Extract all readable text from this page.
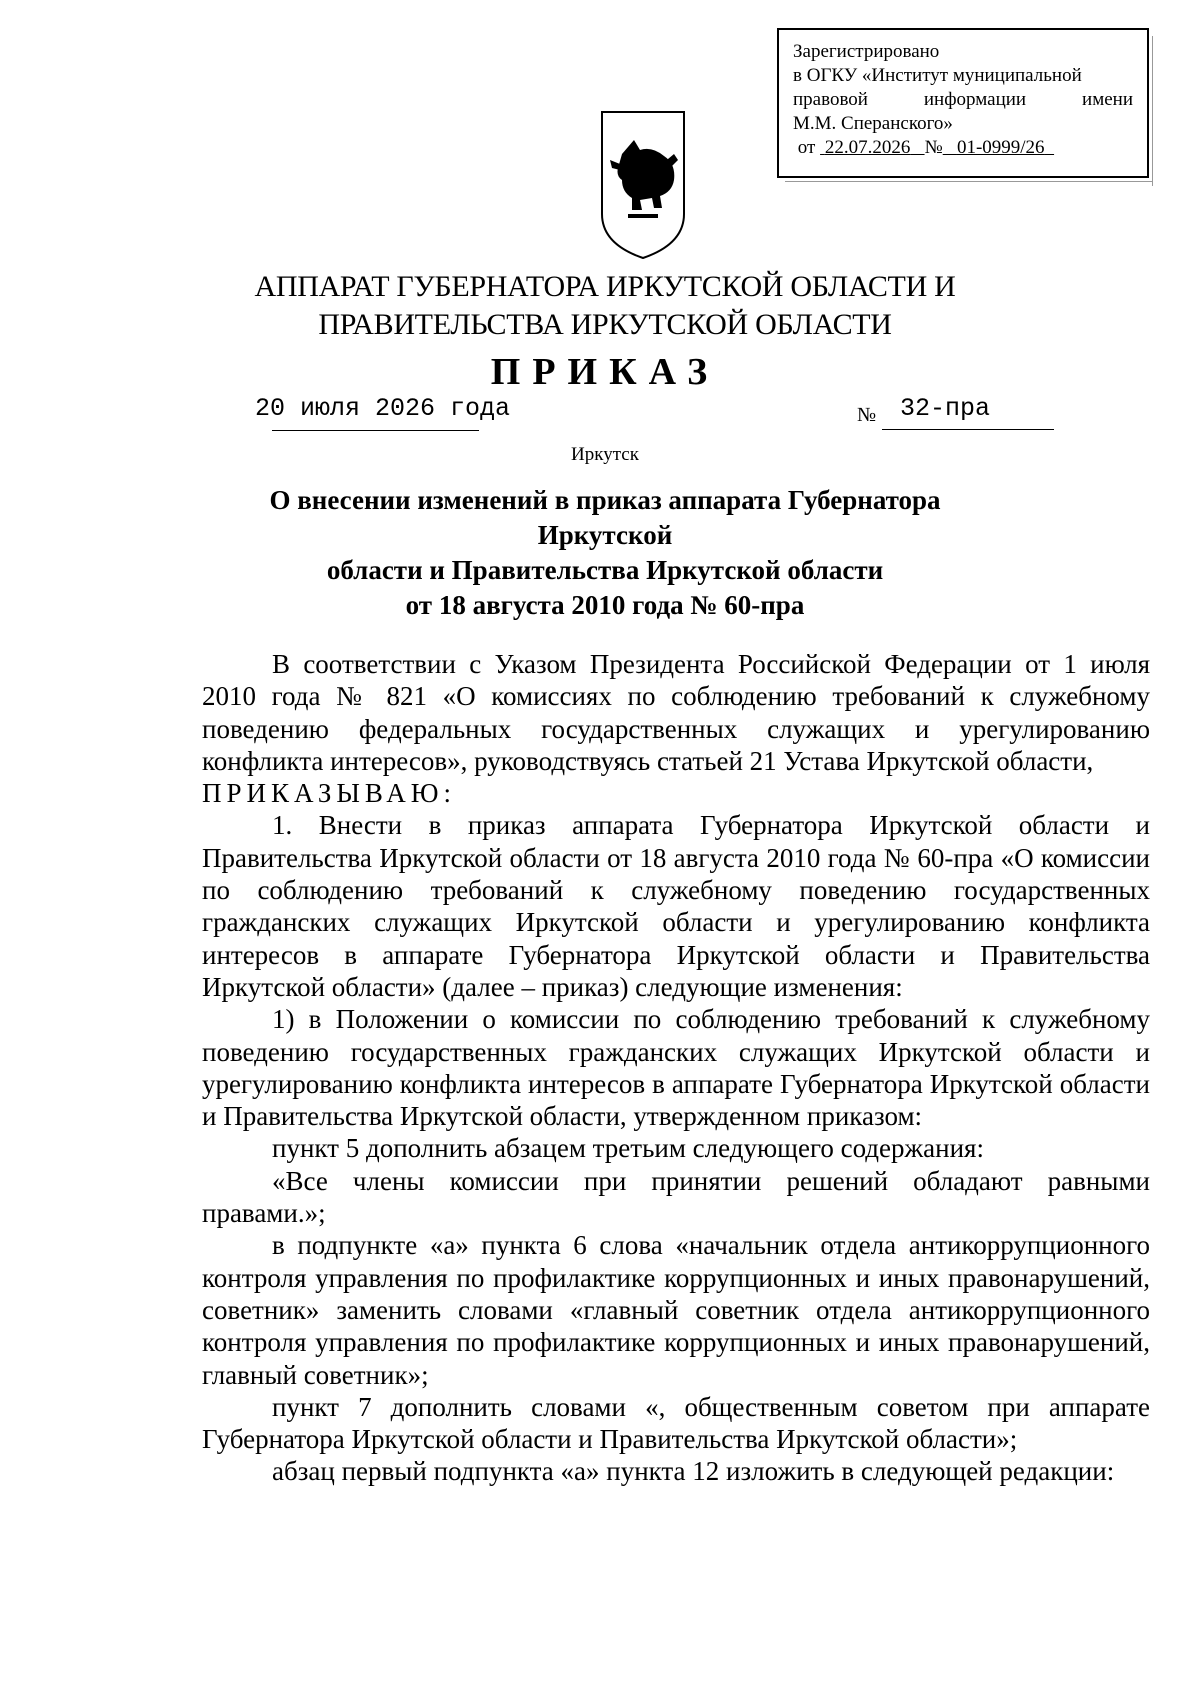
Зарегистрировано
в ОГКУ «Институт муниципальной
правовой	информации	имени
М.М. Сперанского»
от 22.07.2026 № 01-0999/26
АППАРАТ ГУБЕРНАТОРА ИРКУТСКОЙ ОБЛАСТИ И
ПРАВИТЕЛЬСТВА ИРКУТСКОЙ ОБЛАСТИ
ПРИКАЗ
20 июля 2026 года	№ 32-пра
Иркутск
О внесении изменений в приказ аппарата Губернатора Иркутской
области и Правительства Иркутской области
от 18 августа 2010 года № 60-пра

В соответствии с Указом Президента Российской Федерации от 1 июля 2010 года № 821 «О комиссиях по соблюдению требований к служебному поведению федеральных государственных служащих и урегулированию конфликта интересов», руководствуясь статьей 21 Устава Иркутской области,

ПРИКАЗЫВАЮ:

1. Внести в приказ аппарата Губернатора Иркутской области и Правительства Иркутской области от 18 августа 2010 года № 60-пра «О комиссии по соблюдению требований к служебному поведению государственных гражданских служащих Иркутской области и урегулированию конфликта интересов в аппарате Губернатора Иркутской области и Правительства Иркутской области» (далее – приказ) следующие изменения:

1) в Положении о комиссии по соблюдению требований к служебному поведению государственных гражданских служащих Иркутской области и урегулированию конфликта интересов в аппарате Губернатора Иркутской области и Правительства Иркутской области, утвержденном приказом:

пункт 5 дополнить абзацем третьим следующего содержания:

«Все члены комиссии при принятии решений обладают равными правами.»;

в подпункте «а» пункта 6 слова «начальник отдела антикоррупционного контроля управления по профилактике коррупционных и иных правонарушений, советник» заменить словами «главный советник отдела антикоррупционного контроля управления по профилактике коррупционных и иных правонарушений, главный советник»;

пункт 7 дополнить словами «, общественным советом при аппарате Губернатора Иркутской области и Правительства Иркутской области»;

абзац первый подпункта «а» пункта 12 изложить в следующей редакции:
